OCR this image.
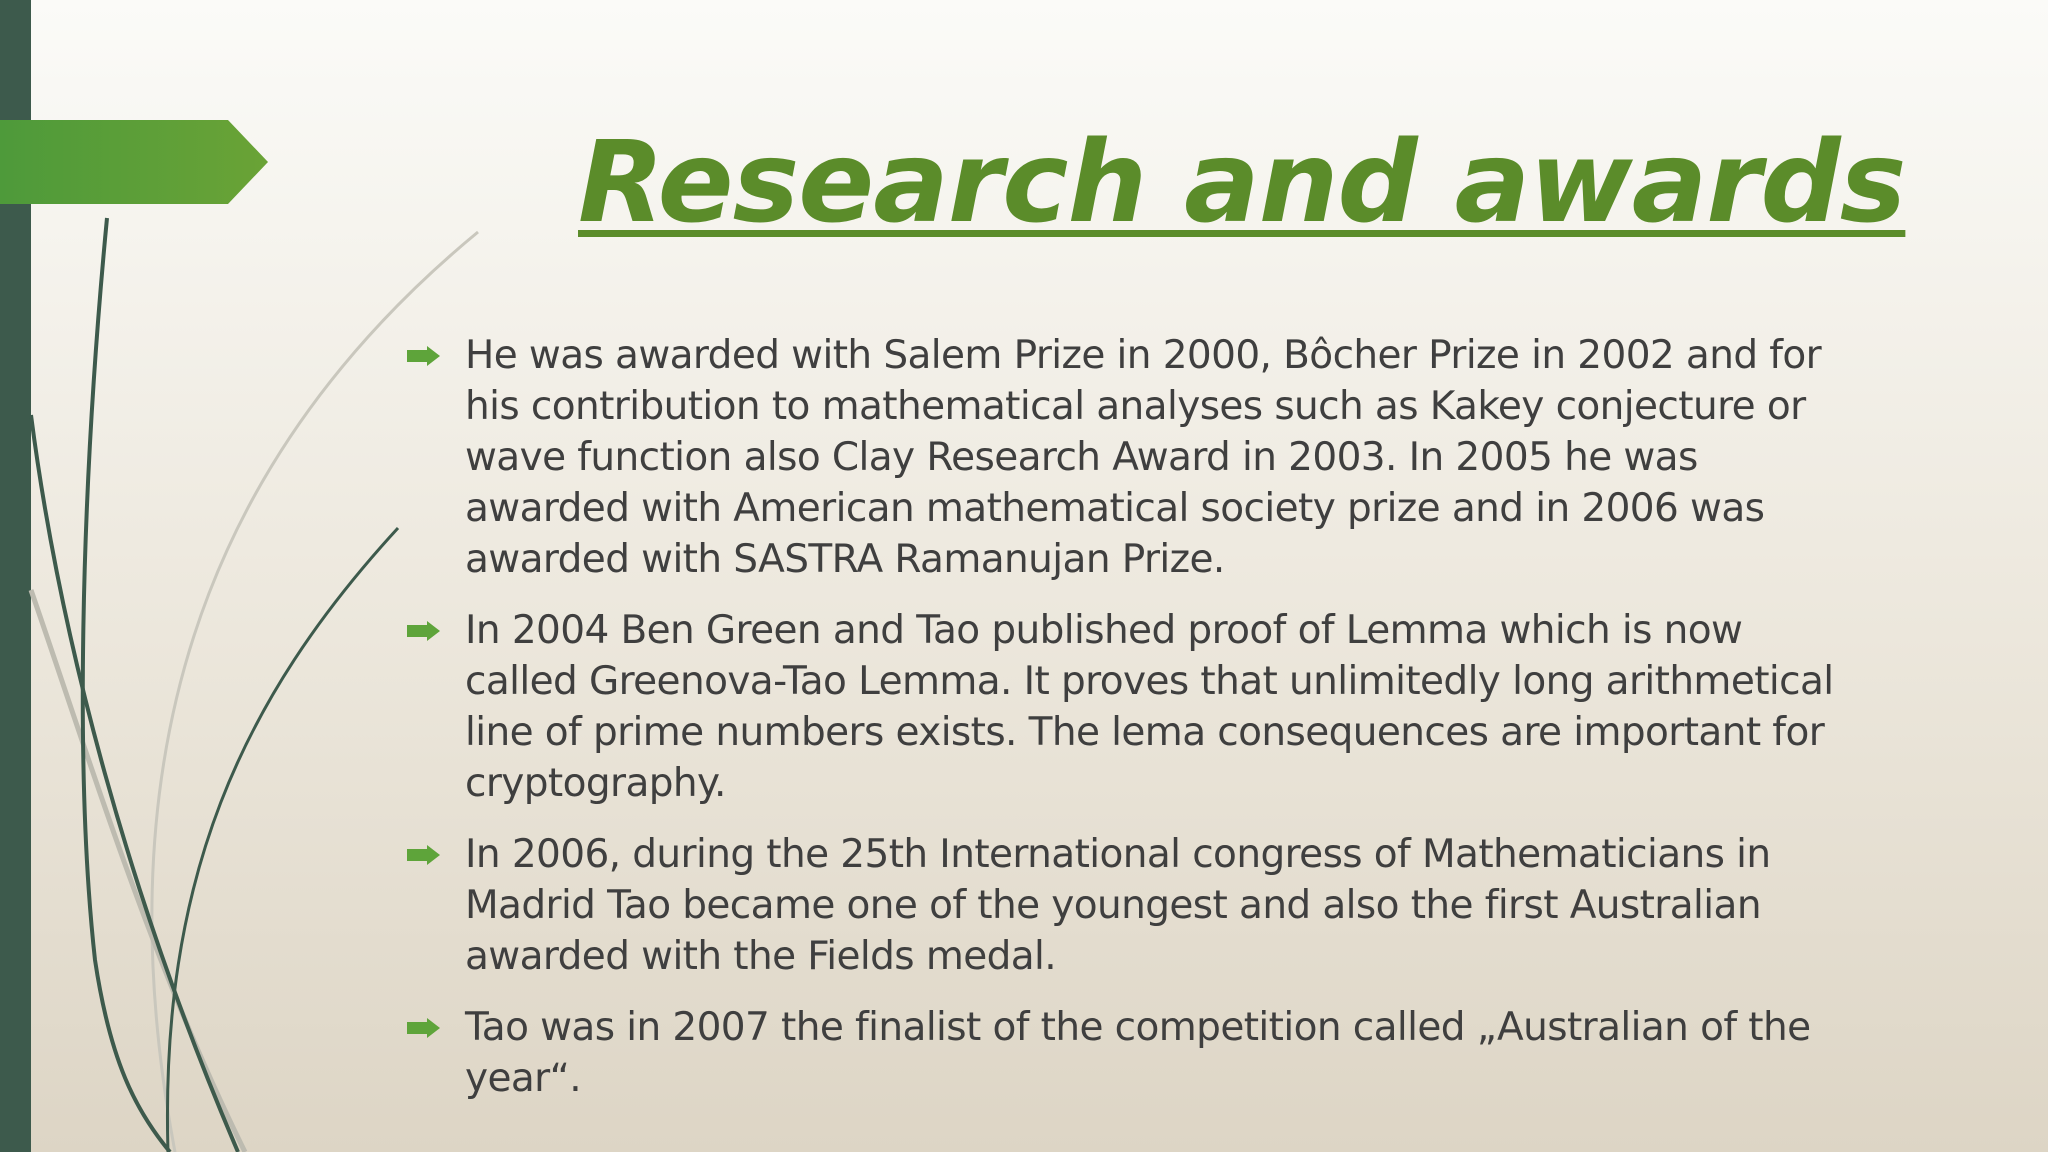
Research and awards
He was awarded with Salem Prize in 2000, Bôcher Prize in 2002 and for his contribution to mathematical analyses such as Kakey conjecture or wave function also Clay Research Award in 2003. In 2005 he was awarded with American mathematical society prize and in 2006 was awarded with SASTRA Ramanujan Prize.
In 2004 Ben Green and Tao published proof of Lemma which is now called Greenova-Tao Lemma. It proves that unlimitedly long arithmetical line of prime numbers exists. The lema consequences are important for cryptography.
In 2006, during the 25th International congress of Mathematicians in Madrid Tao became one of the youngest and also the first Australian awarded with the Fields medal.
Tao was in 2007 the finalist of the competition called „Australian of the year“.
